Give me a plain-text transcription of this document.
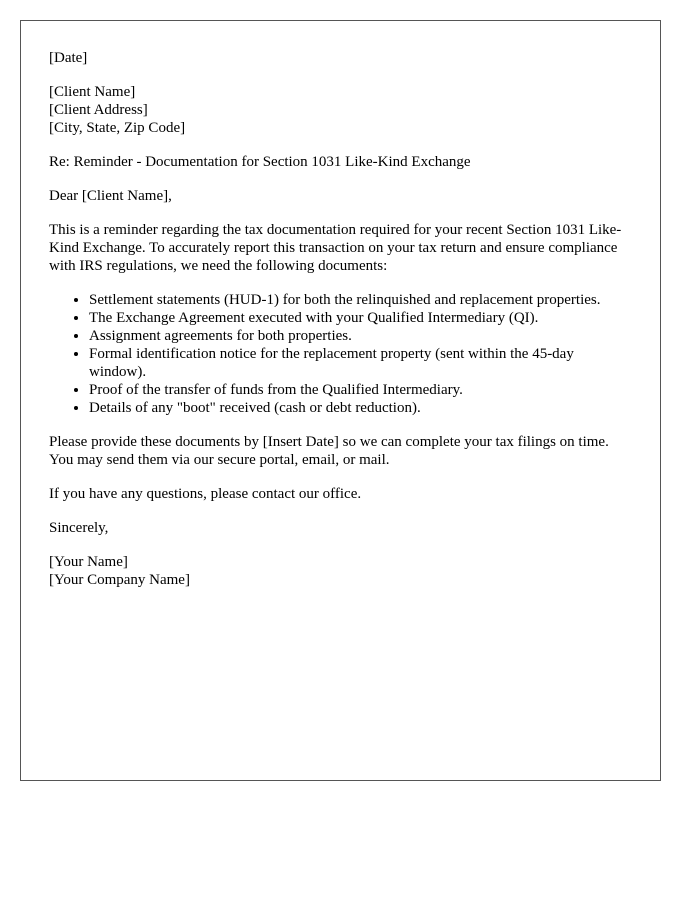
[Date]

[Client Name]
[Client Address]
[City, State, Zip Code]

Re: Reminder - Documentation for Section 1031 Like-Kind Exchange

Dear [Client Name],

This is a reminder regarding the tax documentation required for your recent Section 1031 Like-Kind Exchange. To accurately report this transaction on your tax return and ensure compliance with IRS regulations, we need the following documents:

• Settlement statements (HUD-1) for both the relinquished and replacement properties.
• The Exchange Agreement executed with your Qualified Intermediary (QI).
• Assignment agreements for both properties.
• Formal identification notice for the replacement property (sent within the 45-day window).
• Proof of the transfer of funds from the Qualified Intermediary.
• Details of any "boot" received (cash or debt reduction).

Please provide these documents by [Insert Date] so we can complete your tax filings on time. You may send them via our secure portal, email, or mail.

If you have any questions, please contact our office.

Sincerely,

[Your Name]
[Your Company Name]
